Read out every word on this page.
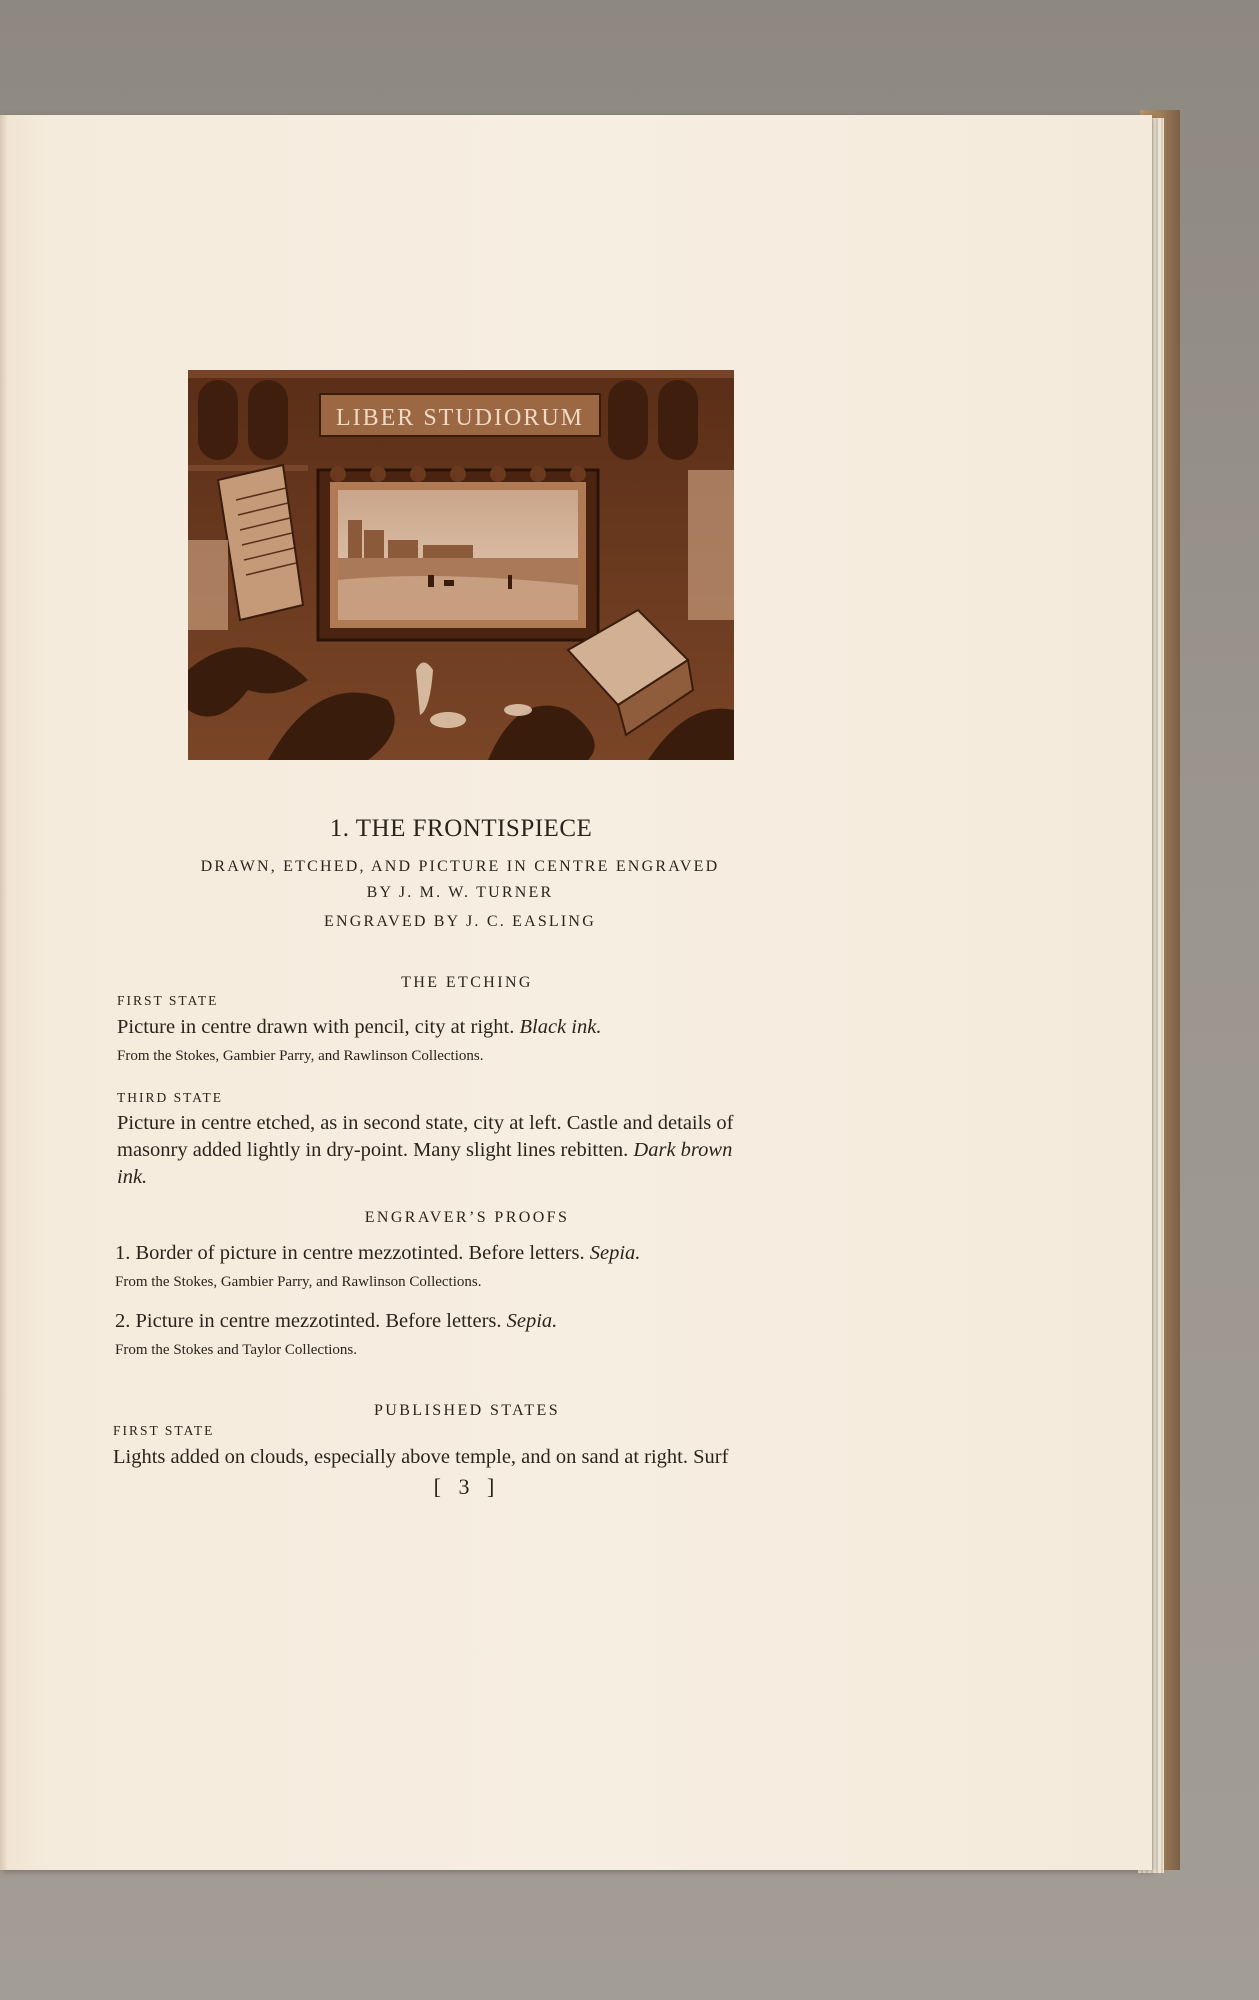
LIBER STUDIORUM
1. THE FRONTISPIECE
DRAWN, ETCHED, AND PICTURE IN CENTRE ENGRAVED
BY J. M. W. TURNER
ENGRAVED BY J. C. EASLING
THE ETCHING
FIRST STATE
Picture in centre drawn with pencil, city at right. Black ink.
From the Stokes, Gambier Parry, and Rawlinson Collections.
THIRD STATE
Picture in centre etched, as in second state, city at left. Castle and details of
masonry added lightly in dry-point. Many slight lines rebitten. Dark brown
ink.
ENGRAVER’S PROOFS
1. Border of picture in centre mezzotinted. Before letters. Sepia.
From the Stokes, Gambier Parry, and Rawlinson Collections.
2. Picture in centre mezzotinted. Before letters. Sepia.
From the Stokes and Taylor Collections.
PUBLISHED STATES
FIRST STATE
Lights added on clouds, especially above temple, and on sand at right. Surf
[ 3 ]
